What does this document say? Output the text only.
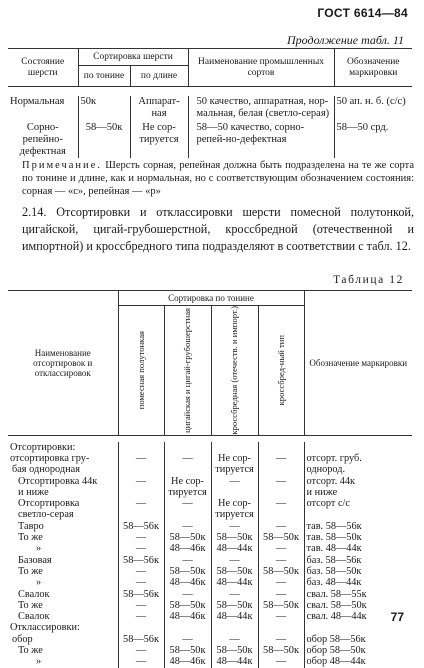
ГОСТ 6614—84
Продолжение табл. 11
Состояние шерсти	Сортировка шерсти		Наименование промышленных сортов	Обозначение маркировки
	по тонине	по длине		

Нормальная	50к	Аппарат-ная	50 качество, аппаратная, нор-мальная, белая (светло-серая)	50 ап. н. б. (с/с)
Сорно-репейно-дефектная	58—50к	Не сор-тируется	58—50 качество, сорно-репей-но-дефектная	58—50 срд.
Примечание. Шерсть сорная, репейная должна быть подразделена на те же сорта по тонине и длине, как и нормальная, но с соответствующим обозначением состояния: сорная — «с», репейная — «р»
2.14. Отсортировки и отклассировки шерсти помесной полутонкой, цигайской, цигай-грубошерстной, кроссбредной (отечественной и импортной) и кроссбредного типа подразделяют в соответствии с табл. 12.
Таблица 12
Наименование отсортировок и отклассировок	Сортировка по тонине				Обозначение маркировки

	помесная полутонкая	цигайская и цигай-грубошерстная	кроссбредная (отечеств. и импорт.)	кроссбред-ный тип	

Отсортировки:					
отсортировка гру-	—	—	Не сор-	—	отсорт. груб.
бая однородная			тируется		однород.
Отсортировка 44к	—	Не сор-	—	—	отсорт. 44к
и ниже		тируется			и ниже
Отсортировка	—	—	Не сор-	—	отсорт с/с
светло-серая			тируется		
Тавро	58—56к	—	—	—	тав. 58—56к
То же	—	58—50к	58—50к	58—50к	тав. 58—50к
»	—	48—46к	48—44к	—	тав. 48—44к
Базовая	58—56к	—	—	—	баз. 58—56к
То же	—	58—50к	58—50к	58—50к	баз. 58—50к
»	—	48—46к	48—44к	—	баз. 48—44к
Свалок	58—56к	—	—	—	свал. 58—55к
То же	—	58—50к	58—50к	58—50к	свал. 58—50к
Свалок	—	48—46к	48—44к	—	свал. 48—44к
Отклассировки:					
обор	58—56к	—	—	—	обор 58—56к
То же	—	58—50к	58—50к	58—50к	обор 58—50к
»	—	48—46к	48—44к	—	обор 48—44к
77
